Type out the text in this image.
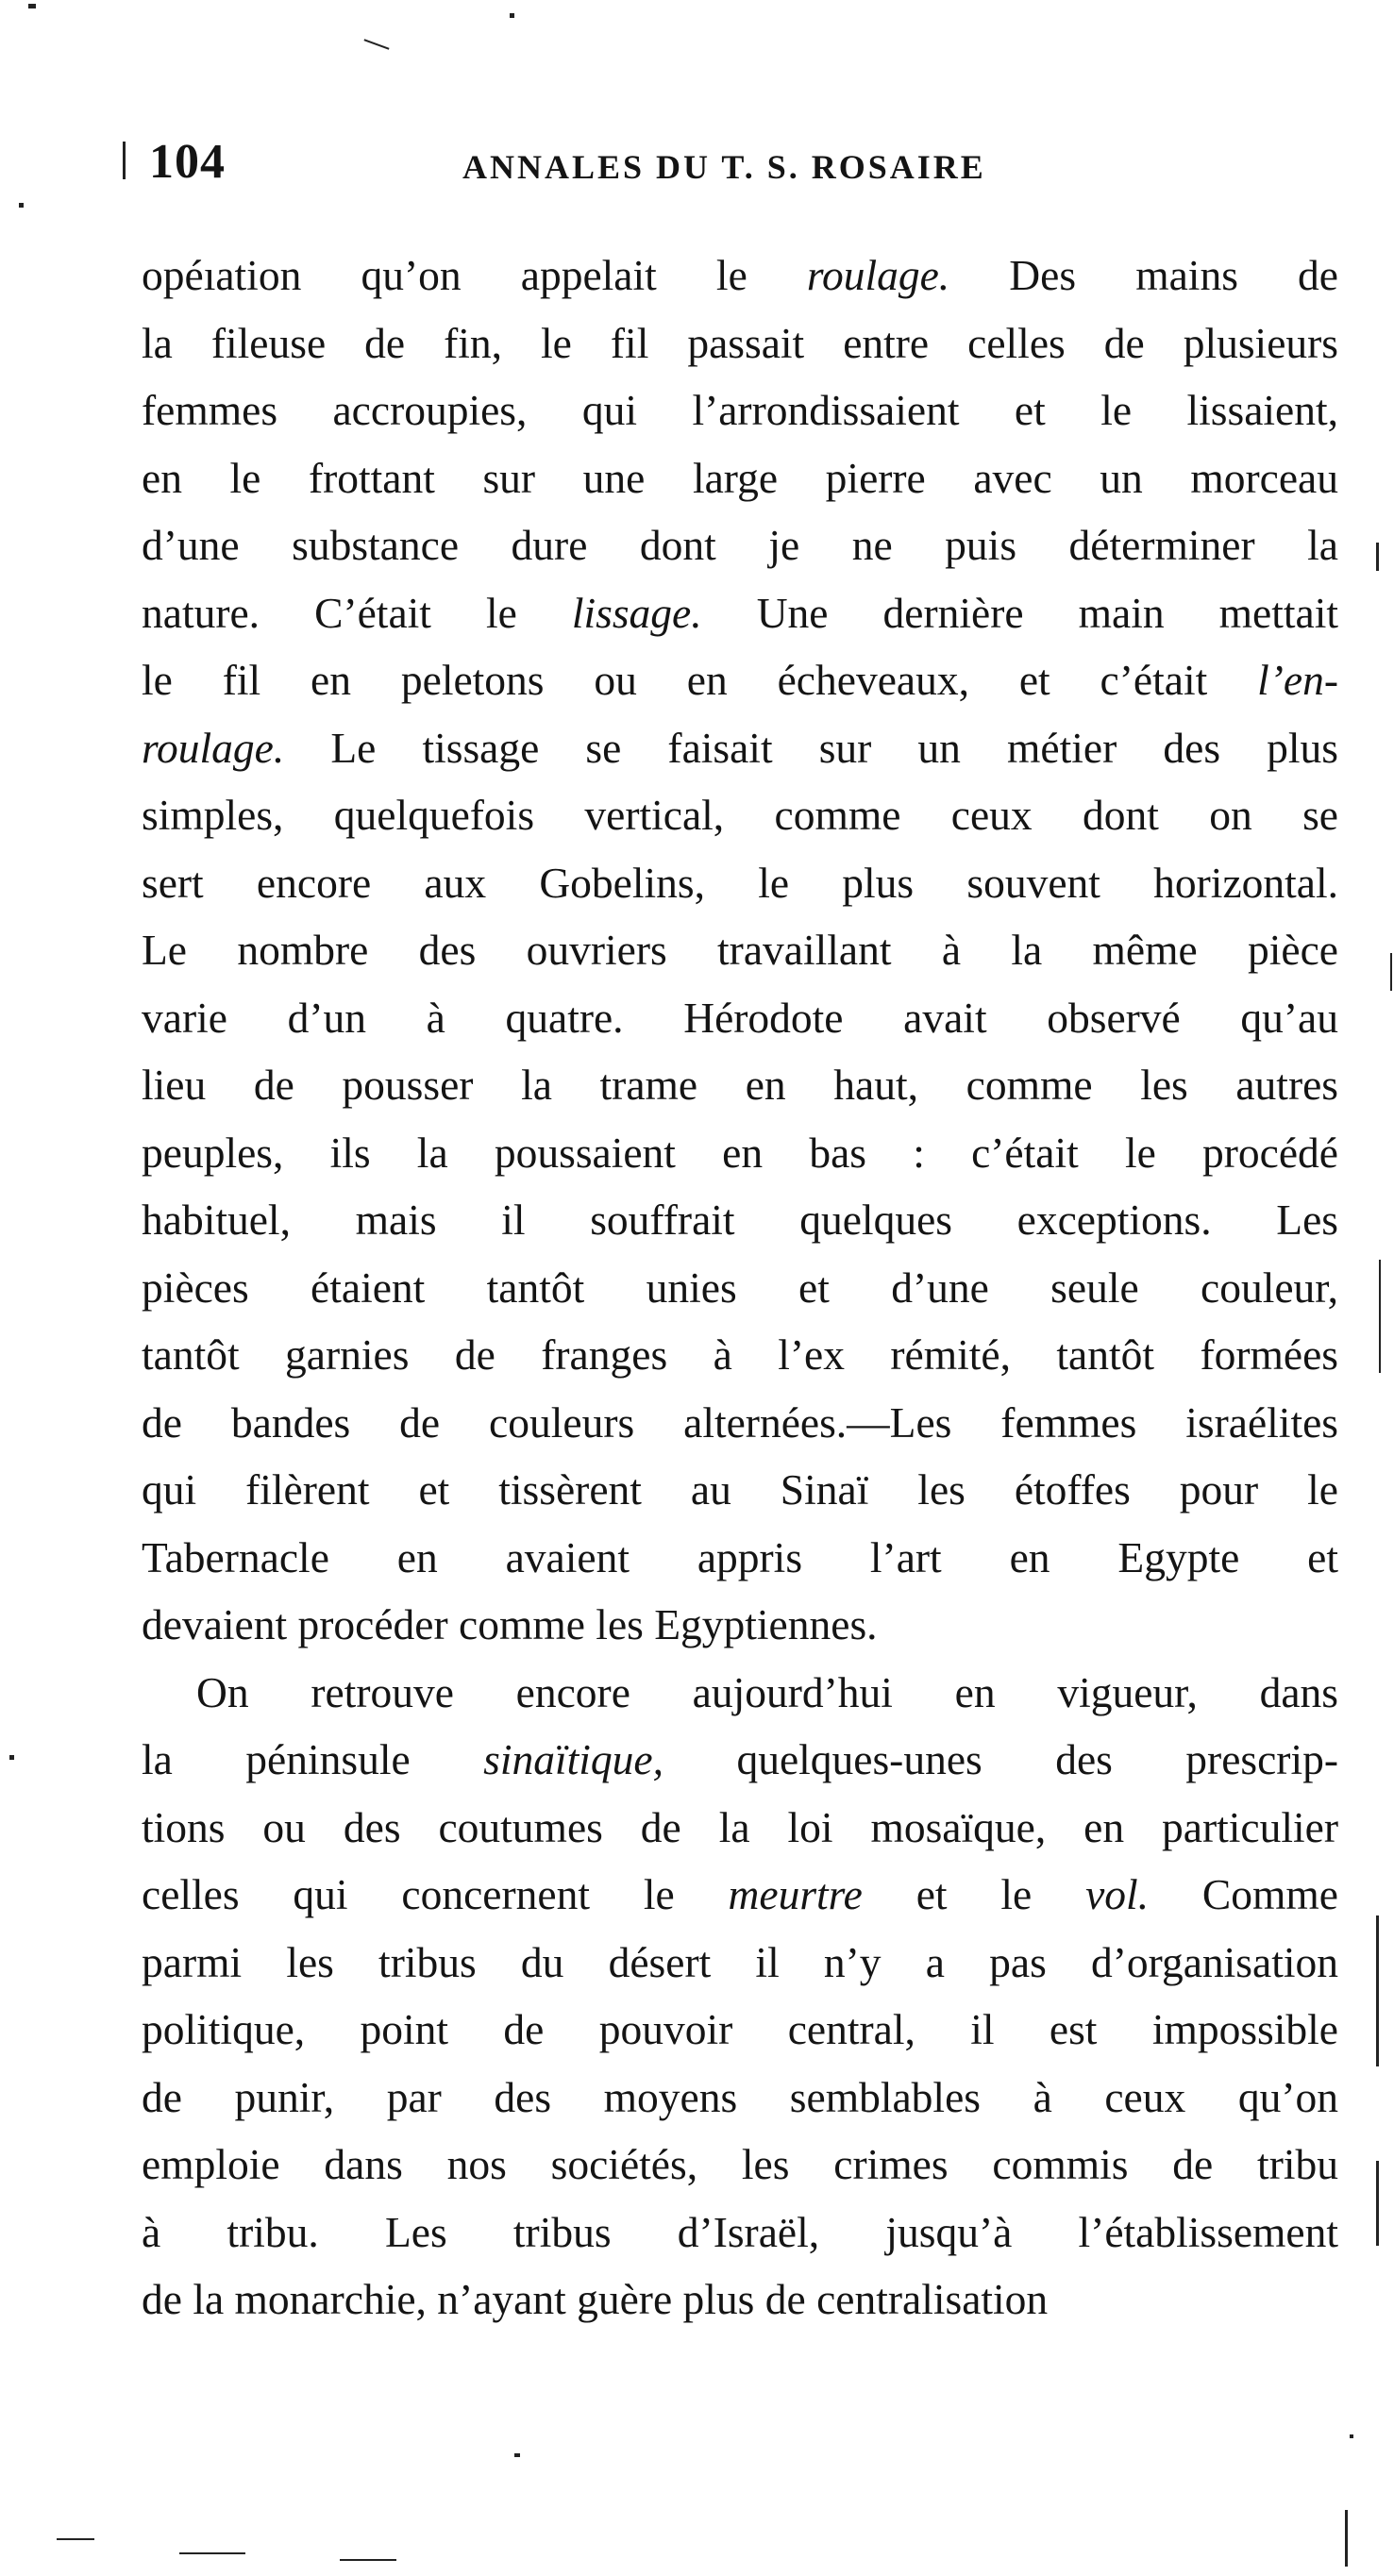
104	ANNALES DU T. S. ROSAIRE
opéıation qu’on appelait le roulage. Des mains de
la fileuse de fin, le fil passait entre celles de plusieurs
femmes accroupies, qui l’arrondissaient et le lissaient,
en le frottant sur une large pierre avec un morceau
d’une substance dure dont je ne puis déterminer la
nature. C’était le lissage. Une dernière main mettait
le fil en peletons ou en écheveaux, et c’était l’en-
roulage. Le tissage se faisait sur un métier des plus
simples, quelquefois vertical, comme ceux dont on se
sert encore aux Gobelins, le plus souvent horizontal.
Le nombre des ouvriers travaillant à la même pièce
varie d’un à quatre. Hérodote avait observé qu’au
lieu de pousser la trame en haut, comme les autres
peuples, ils la poussaient en bas : c’était le procédé
habituel, mais il souffrait quelques exceptions. Les
pièces étaient tantôt unies et d’une seule couleur,
tantôt garnies de franges à l’ex rémité, tantôt formées
de bandes de couleurs alternées.—Les femmes israélites
qui filèrent et tissèrent au Sinaï les étoffes pour le
Tabernacle en avaient appris l’art en Egypte et
devaient procéder comme les Egyptiennes.
On retrouve encore aujourd’hui en vigueur, dans
la péninsule sinaïtique, quelques-unes des prescrip-
tions ou des coutumes de la loi mosaïque, en particulier
celles qui concernent le meurtre et le vol. Comme
parmi les tribus du désert il n’y a pas d’organisation
politique, point de pouvoir central, il est impossible
de punir, par des moyens semblables à ceux qu’on
emploie dans nos sociétés, les crimes commis de tribu
à tribu. Les tribus d’Israël, jusqu’à l’établissement
de la monarchie, n’ayant guère plus de centralisation
